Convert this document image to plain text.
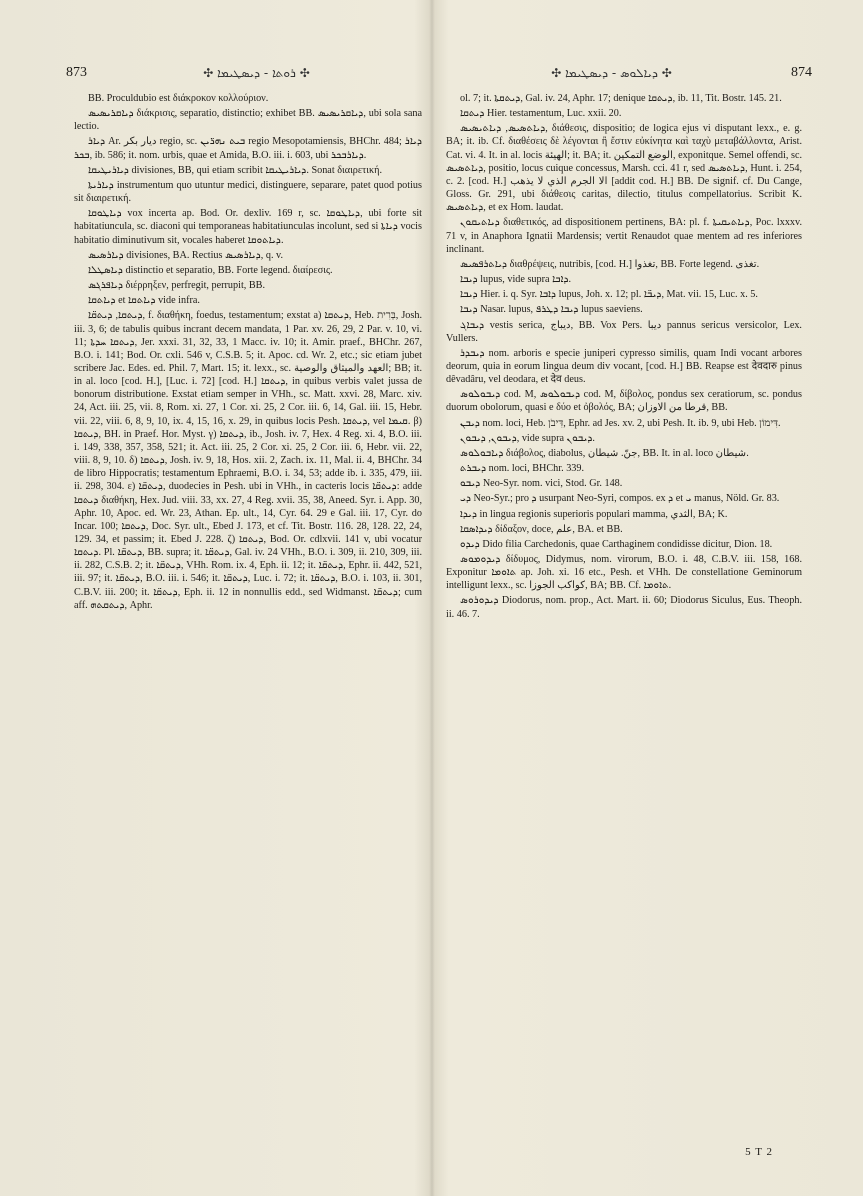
873	✣ ܪܘܬܐ - ܕܝܣܛܝܡܐ ✣	✣ ܕܝܐܠܘܣ - ܕܝܣܛܝܡܐ ✣	874

BB. Proculdubio est διάκροκον κολλούριον.

ܕܝܐܩܪܝܣܝܣ διάκρισις, separatio, distinctio; exhibet BB. ܕܝܐܩܪܝܣܝܣ, ubi sola sana lectio.

ܕܝܐܪ Ar. ديار بكر regio, sc. ܒܝܬ ܢܗܪ̈ܝܢ regio Mesopotamiensis, BHChr. 484; ܕܝܐܪ ܒܟܪ, ib. 586; it. nom. urbis, quae et Amida, B.O. iii. i. 603, ubi ܕܝܐܪܒܟܪ.

ܕܝܐܪܝܛܝܩܐ divisiones, BB, qui etiam scribit ܕܝܐܪܝܛܝܩܐ. Sonat διαιρετική.

ܕܝܐܪܝܬܐ instrumentum quo utuntur medici, distinguere, separare, patet quod potius sit διαιρετική.

ܕܝܐܛܘܩܐ vox incerta ap. Bod. Or. dexliv. 169 r, sc. ܕܝܐܛܘܩܐ, ubi forte sit habitatiuncula, sc. diaconi qui temporaneas habitatiunculas incolunt, sed si ܕܝܐܬܐ vocis habitatio diminutivum sit, vocales haberet ܕܝܐܬܘܩܐ.

ܕܝܐܪܣܝܣ divisiones, BA. Rectius ܕܝܐܪܣܝܣ, q. v.

ܕܝܐܣܛܠܐ distinctio et separatio, BB. Forte legend. διαίρεσις.

ܕܝܐܦܪܓܣ διέρρηξεν, perfregit, perrupit, BB.

ܕܝܐܬܩܐ et ܕܝܐܬܩܐ vide infra.

ܕܝܬܩܐ, ܕܝܬܩ̈ܐ, f. διαθήκη, foedus, testamentum; exstat a) ܕܝܬܩܐ, Heb. בְּרִית, Josh. iii. 3, 6; de tabulis quibus incrant decem mandata, 1 Par. xv. 26, 29, 2 Par. v. 10, vi. 11; ܕܝܬܩܐ ܚܕܬܐ, Jer. xxxi. 31, 32, 33, 1 Macc. iv. 10; it. Amir. praef., BHChr. 267, B.O. i. 141; Bod. Or. cxli. 546 v, C.S.B. 5; it. Apoc. cd. Wr. 2, etc.; sic etiam jubet scribere Jac. Edes. ed. Phil. 7, Mart. 15; it. lexx., sc. العهد والميثاق والوصية; BB; it. in al. loco [cod. H.], [Luc. i. 72] [cod. H.] ܕܝܬܩܐ, in quibus verbis valet jussa de bonorum distributione. Exstat etiam semper in VHh., sc. Matt. xxvi. 28, Marc. xiv. 24, Act. iii. 25, vii. 8, Rom. xi. 27, 1 Cor. xi. 25, 2 Cor. iii. 6, 14, Gal. iii. 15, Hebr. vii. 22, viii. 6, 8, 9, 10, ix. 4, 15, 16, x. 29, in quibus locis Pesh. ܕܝܬܩܐ, vel ܩܝܡܐ. β) ܕܝܬܩܐ, BH. in Praef. Hor. Myst. γ) ܕܝܬܩܐ, ib., Josh. iv. 7, Hex. 4 Reg. xi. 4, B.O. iii. i. 149, 338, 357, 358, 521; it. Act. iii. 25, 2 Cor. xi. 25, 2 Cor. iii. 6, Hebr. vii. 22, viii. 8, 9, 10. δ) ܕܝܬܩܐ, Josh. iv. 9, 18, Hos. xii. 2, Zach. ix. 11, Mal. ii. 4, BHChr. 34 de libro Hippocratis; testamentum Ephraemi, B.O. i. 34, 53; adde ib. i. 335, 479, iii. ii. 298, 304. ε) ܕܝܬܩ̈ܐ, duodecies in Pesh. ubi in VHh., in cacteris locis ܕܝܬܩ̈ܐ: adde ܕܝܬܩܐ διαθήκη, Hex. Jud. viii. 33, xx. 27, 4 Reg. xvii. 35, 38, Aneed. Syr. i. App. 30, Aphr. 10, Apoc. ed. Wr. 23, Athan. Ep. ult., 14, Cyr. 64. 29 e Gal. iii. 17, Cyr. do Incar. 100; ܕܝܬܩܐ, Doc. Syr. ult., Ebed J. 173, et cf. Tit. Bostr. 116. 28, 128. 22, 24, 129. 34, et passim; it. Ebed J. 228. ζ) ܕܝܬܩܐ, Bod. Or. cdlxvii. 141 v, ubi vocatur ܕܝܬܩܐ. Pl. ܕܝܬܩ̈ܐ, BB. supra; it. ܕܝܬܩ̈ܐ, Gal. iv. 24 VHh., B.O. i. 309, ii. 210, 309, iii. ii. 282, C.S.B. 2; it. ܕܝܬܩ̈ܐ, VHh. Rom. ix. 4, Eph. ii. 12; it. ܕܝܬܩ̈ܐ, Ephr. ii. 442, 521, iii. 97; it. ܕܝܬܩ̈ܐ, B.O. iii. i. 546; it. ܕܝܬܩ̈ܐ, Luc. i. 72; it. ܕܝܬܩ̈ܐ, B.O. i. 103, ii. 301, C.B.V. iii. 200; it. ܕܝܬܩ̈ܐ, Eph. ii. 12 in nonnullis edd., sed Widmanst. ܕܝܬܩ̈ܐ; cum aff. ܕܝܬܩܬܗ, Aphr.

ol. 7; it. ܕܝܬܩܬܐ, Gal. iv. 24, Aphr. 17; denique ܕܝܬܩܐ, ib. 11, Tit. Bostr. 145. 21.

ܕܝܬܩܐ Hier. testamentum, Luc. xxii. 20.

ܕܝܐܬܣܝܣ, ܕܝܐܬܝܣܝܣ, διάθεσις, dispositio; de logica ejus vi disputant lexx., e. g. BA; it. ib. Cf. διαθέσεις δὲ λέγονται ἢ ἔστιν εὐκίνητα καὶ ταχὺ μεταβάλλοντα, Arist. Cat. vi. 4. It. in al. locis الهيئة; it. BA; it. الوضع التمكين, exponitque. Semel offendi, sc. ܕܝܐܬܣܝܣ, positio, locus cuique concessus, Marsh. cci. 41 r, sed ܕܝܐܬܣܝܣ, Hunt. i. 254, c. 2. [cod. H.] الا الجرم الذي لا يذهب [addit cod. H.] BB. De signif. cf. Du Cange, Gloss. Gr. 291, ubi διάθεσις caritas, dilectio, titulus compellatorius. Scribit K. ܕܝܐܬܣܝܣ, et ex Hom. laudat.

ܕܝܐܬܝܩܘܢ διαθετικός, ad dispositionem pertinens, BA: pl. f. ܕܝܐܬܝܩܝܬܐ, Poc. lxxxv. 71 v, in Anaphora Ignatii Mardensis; vertit Renaudot quae mentem ad res inferiores inclinant.

ܕܝܐܬܪܦܣܝܣ διαθρέψεις, nutribis, [cod. H.] تغذوا, BB. Forte legend. تغذى.

ܕܝܒܐ lupus, vide supra ܕܐܒܐ.

ܕܝܒܐ Hier. i. q. Syr. ܕܐܒܐ lupus, Joh. x. 12; pl. ܕܝܒ̈ܐ, Mat. vii. 15, Luc. x. 5.

ܕܝܒܐ Nasar. lupus, ܕܝܒܐ ܕܛܪܦ lupus saeviens.

ܕܝܒܐܓ vestis serica, ديباج, BB. Vox Pers. ديبا pannus sericus versicolor, Lex. Vullers.

ܕܝܒܕܪ nom. arboris e specie juniperi cypresso similis, quam Indi vocant arbores deorum, quia in eorum lingua deum div vocant, [cod. H.] BB. Reapse est देवदारु pinus dêvadâru, vel deodara, et देव deus.

ܕܝܒܘܠܘܣ cod. M, ܕܝܒܘܠܘܣ cod. M, δίβολος, pondus sex ceratiorum, sc. pondus duorum obolorum, quasi e δύο et ὀβολός, BA; قرطا من الاوزان, BB.

ܕܝܒܢ nom. loci, Heb. דִּיבֹן, Ephr. ad Jes. xv. 2, ubi Pesh. It. ib. 9, ubi Heb. דִּימוֹן.

ܕܝܒܘܢ, ܕܝܒܘܢ, vide supra ܕܝܒܘܢ.

ܕܝܐܒܘܠܘܣ διάβολος, diabolus, جنّ. شيطان, BB. It. in al. loco شيطان.

ܕܝܒܪܬ nom. loci, BHChr. 339.

ܕܝܒܘ Neo-Syr. nom. vici, Stod. Gr. 148.

ܕܝ Neo-Syr.; pro ܕ usurpant Neo-Syri, compos. ex ܕ et ܝ manus, Nöld. Gr. 83.

ܕܝܕܐ in lingua regionis superioris populari mamma, الثدي, BA; K.

ܕܝܕܐܣܩܐ δίδαξον, doce, علم, BA. et BB.

ܕܝܕܘ Dido filia Carchedonis, quae Carthaginem condidisse dicitur, Dion. 18.

ܕܝܕܘܡܘܣ δίδυμος, Didymus, nom. virorum, B.O. i. 48, C.B.V. iii. 158, 168. Exponitur ܬܐܘܡܐ ap. Joh. xi. 16 etc., Pesh. et VHh. De constellatione Geminorum intelligunt lexx., sc. كواكب الجوزا, BA; BB. Cf. ܬܐܘܡܐ.

ܕܝܕܘܪܘܣ Diodorus, nom. prop., Act. Mart. ii. 60; Diodorus Siculus, Eus. Theoph. ii. 46. 7.

5 T 2
